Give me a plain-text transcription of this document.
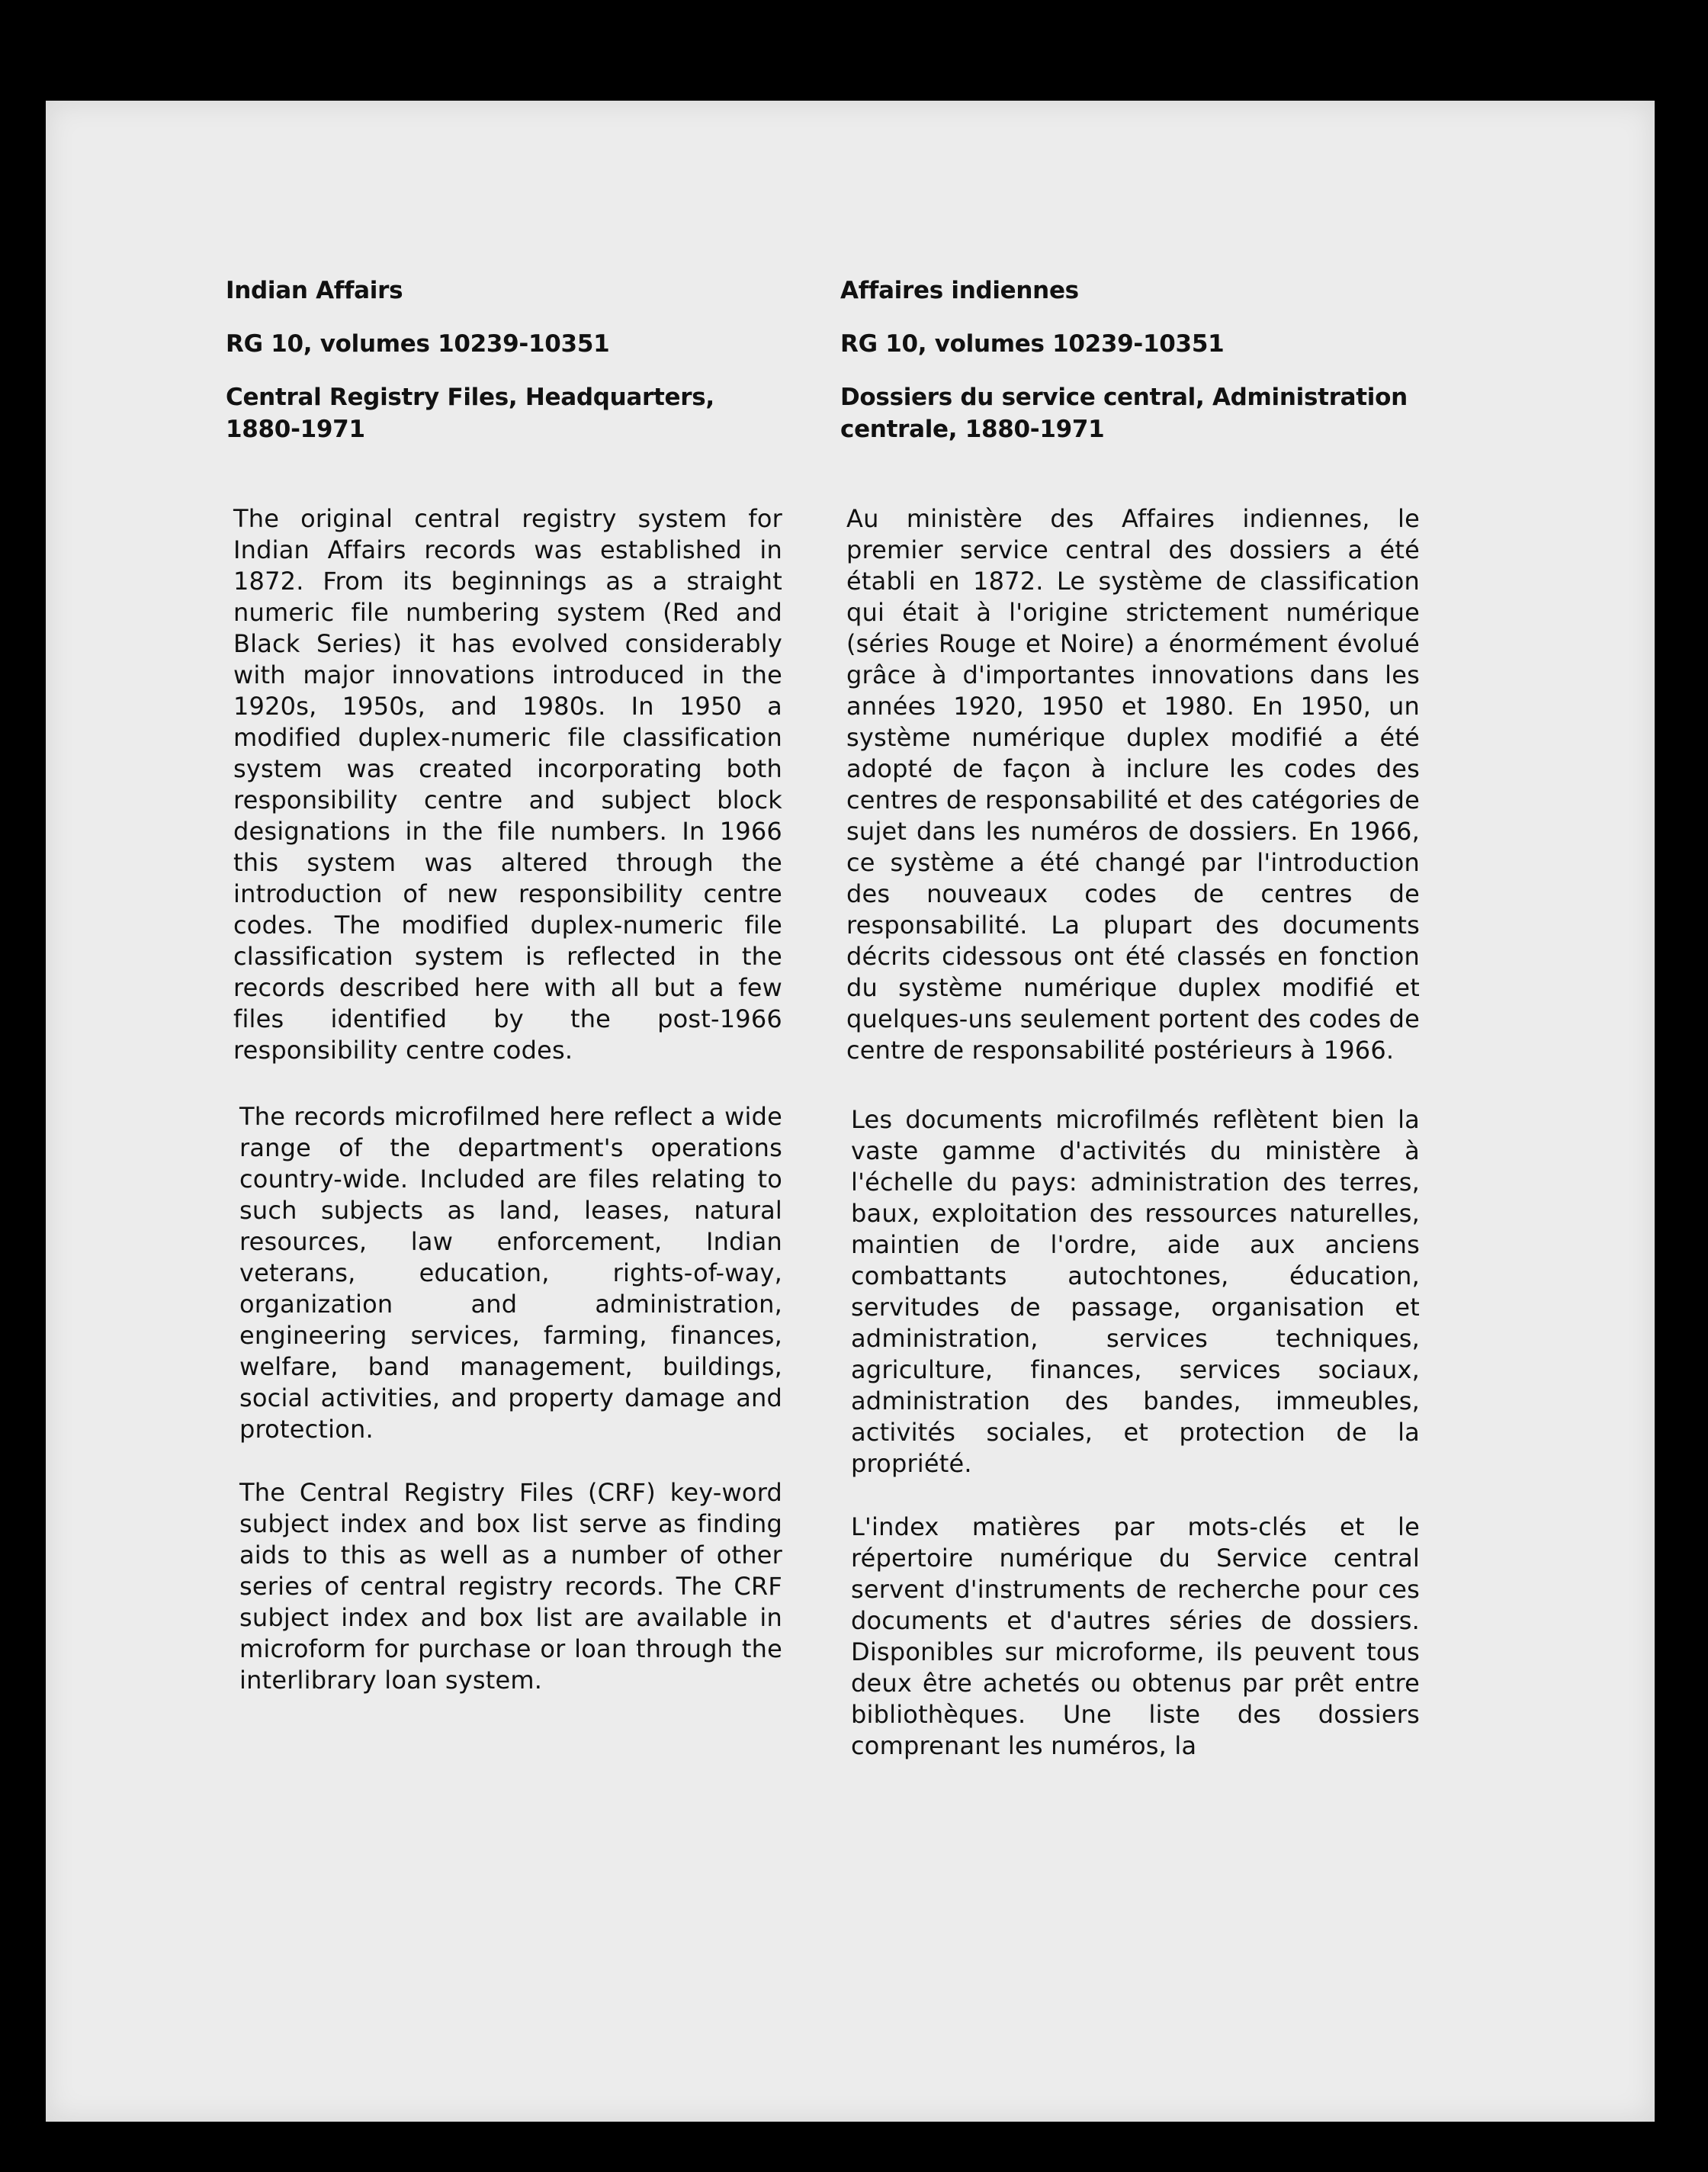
Indian Affairs

RG 10, volumes 10239-10351

Central Registry Files, Headquarters, 1880-1971

The original central registry system for Indian Affairs records was established in 1872. From its beginnings as a straight numeric file numbering system (Red and Black Series) it has evolved considerably with major innovations introduced in the 1920s, 1950s, and 1980s. In 1950 a modified duplex-numeric file classification system was created incorporating both responsibility centre and subject block designations in the file numbers. In 1966 this system was altered through the introduction of new responsibility centre codes. The modified duplex-numeric file classification system is reflected in the records described here with all but a few files identified by the post-1966 responsibility centre codes.

The records microfilmed here reflect a wide range of the department's operations country-wide. Included are files relating to such subjects as land, leases, natural resources, law enforcement, Indian veterans, education, rights-of-way, organization and administration, engineering services, farming, finances, welfare, band management, buildings, social activities, and property damage and protection.

The Central Registry Files (CRF) key-word subject index and box list serve as finding aids to this as well as a number of other series of central registry records. The CRF subject index and box list are available in microform for purchase or loan through the interlibrary loan system.

Affaires indiennes

RG 10, volumes 10239-10351

Dossiers du service central, Administration centrale, 1880-1971

Au ministère des Affaires indiennes, le premier service central des dossiers a été établi en 1872. Le système de classification qui était à l'origine strictement numérique (séries Rouge et Noire) a énormément évolué grâce à d'importantes innovations dans les années 1920, 1950 et 1980. En 1950, un système numérique duplex modifié a été adopté de façon à inclure les codes des centres de responsabilité et des catégories de sujet dans les numéros de dossiers. En 1966, ce système a été changé par l'introduction des nouveaux codes de centres de responsabilité. La plupart des documents décrits cidessous ont été classés en fonction du système numérique duplex modifié et quelques-uns seulement portent des codes de centre de responsabilité postérieurs à 1966.

Les documents microfilmés reflètent bien la vaste gamme d'activités du ministère à l'échelle du pays: administration des terres, baux, exploitation des ressources naturelles, maintien de l'ordre, aide aux anciens combattants autochtones, éducation, servitudes de passage, organisation et administration, services techniques, agriculture, finances, services sociaux, administration des bandes, immeubles, activités sociales, et protection de la propriété.

L'index matières par mots-clés et le répertoire numérique du Service central servent d'instruments de recherche pour ces documents et d'autres séries de dossiers. Disponibles sur microforme, ils peuvent tous deux être achetés ou obtenus par prêt entre bibliothèques. Une liste des dossiers comprenant les numéros, la
